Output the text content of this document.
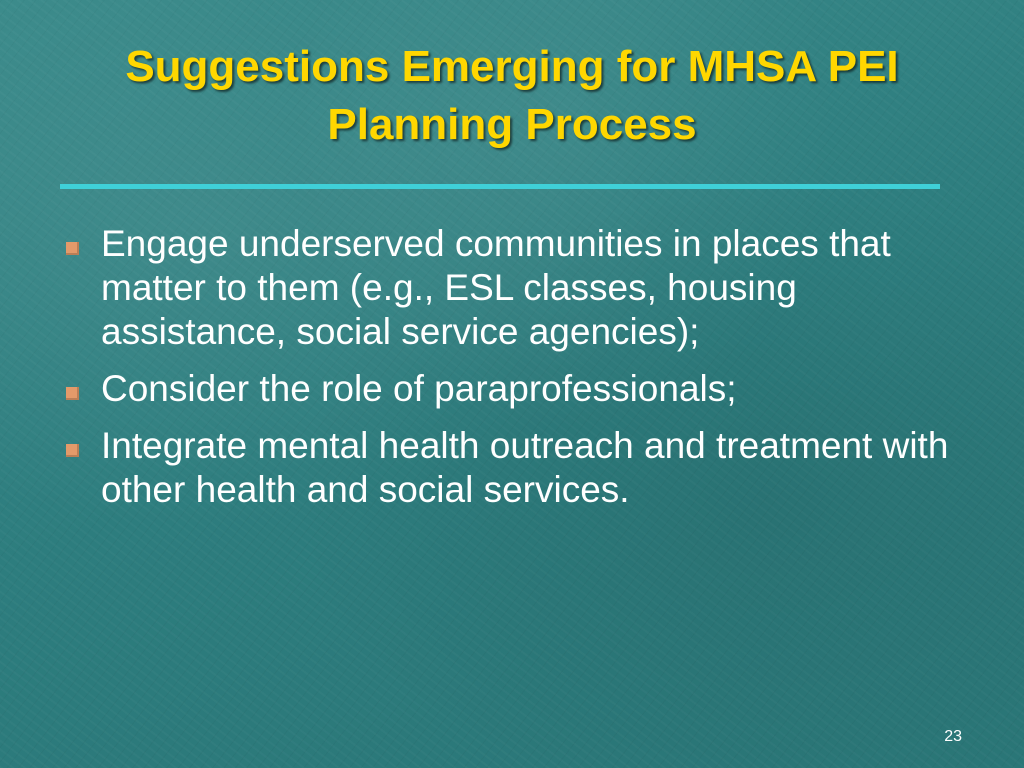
Suggestions Emerging for MHSA PEI
Planning Process
Engage underserved communities in places that matter to them (e.g., ESL classes, housing assistance, social service agencies);
Consider the role of paraprofessionals;
Integrate mental health outreach and treatment with other health and social services.
23
